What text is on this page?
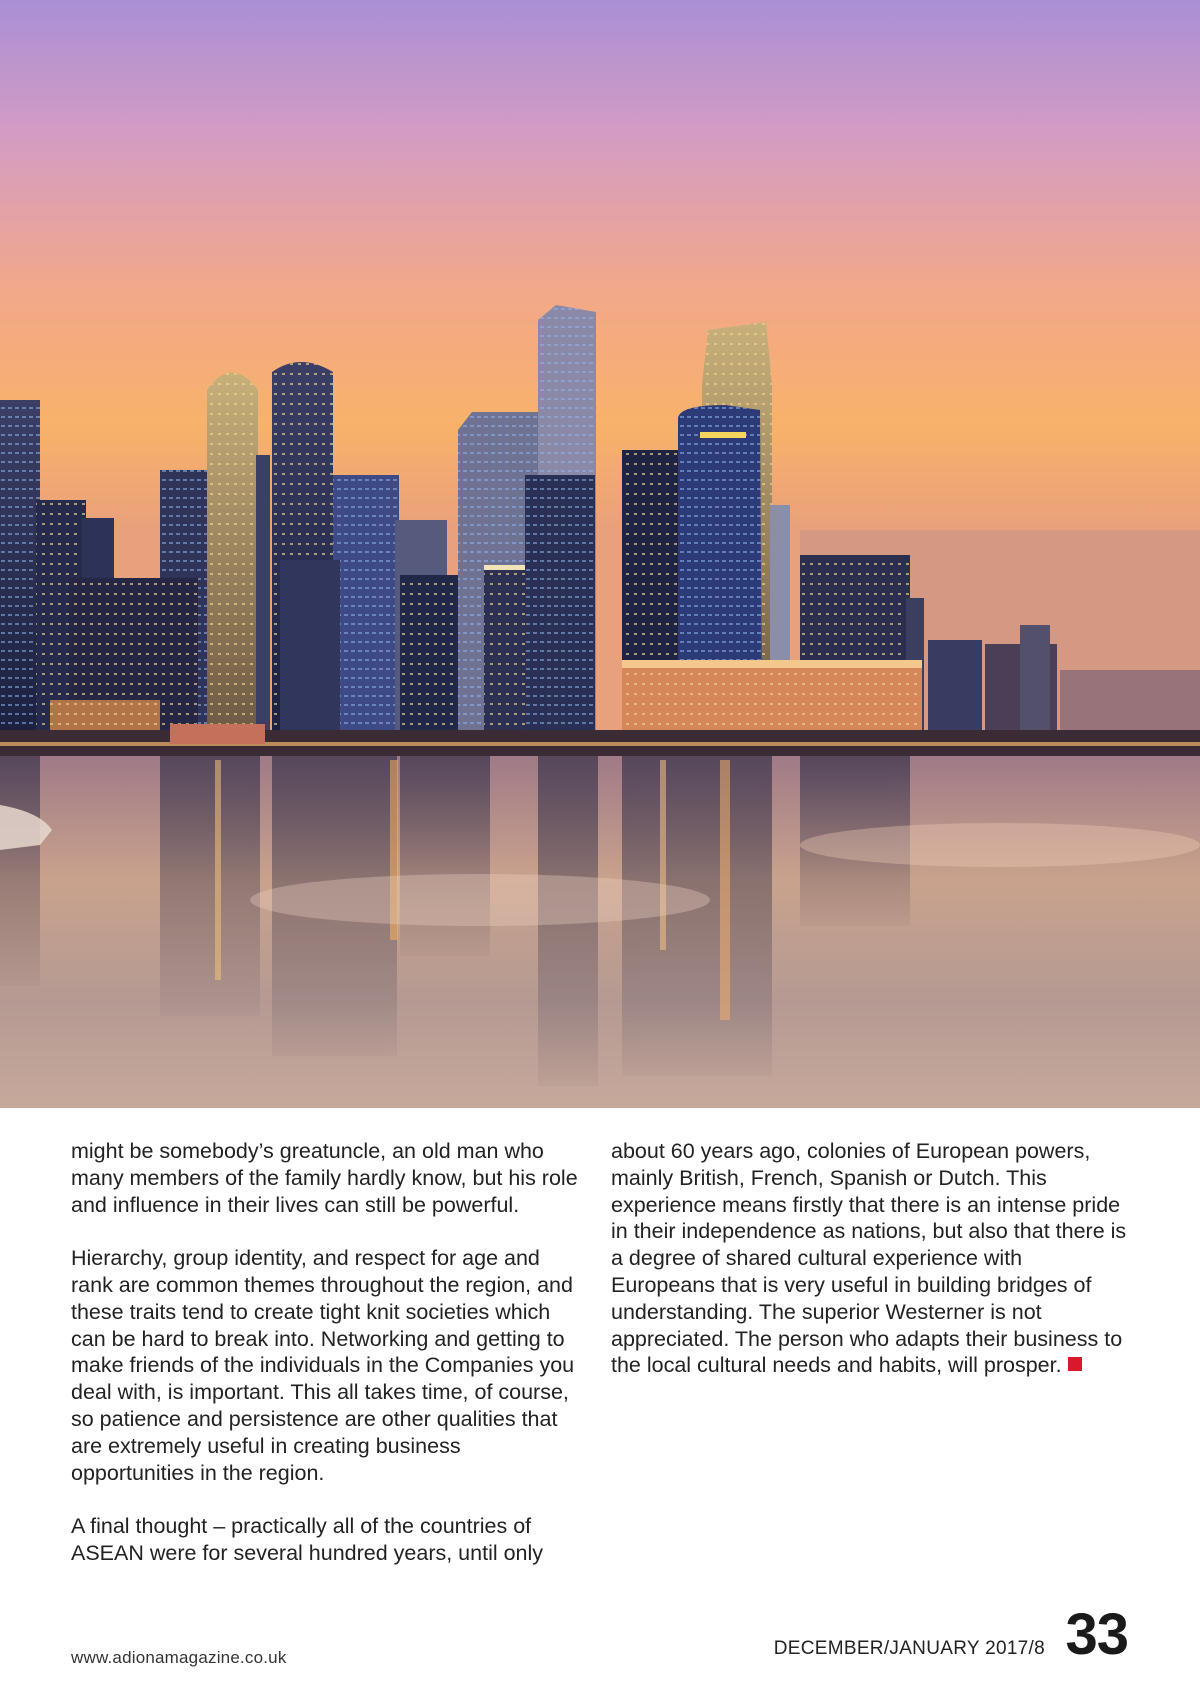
might be somebody’s greatuncle, an old man who many members of the family hardly know, but his role and influence in their lives can still be powerful.

Hierarchy, group identity, and respect for age and rank are common themes throughout the region, and these traits tend to create tight knit societies which can be hard to break into. Networking and getting to make friends of the individuals in the Companies you deal with, is important. This all takes time, of course, so patience and persistence are other qualities that are extremely useful in creating business opportunities in the region.

A final thought – practically all of the countries of ASEAN were for several hundred years, until only

about 60 years ago, colonies of European powers, mainly British, French, Spanish or Dutch. This experience means firstly that there is an intense pride in their independence as nations, but also that there is a degree of shared cultural experience with Europeans that is very useful in building bridges of understanding. The superior Westerner is not appreciated. The person who adapts their business to the local cultural needs and habits, will prosper.

www.adionamagazine.co.uk	DECEMBER/JANUARY 2017/8 33
